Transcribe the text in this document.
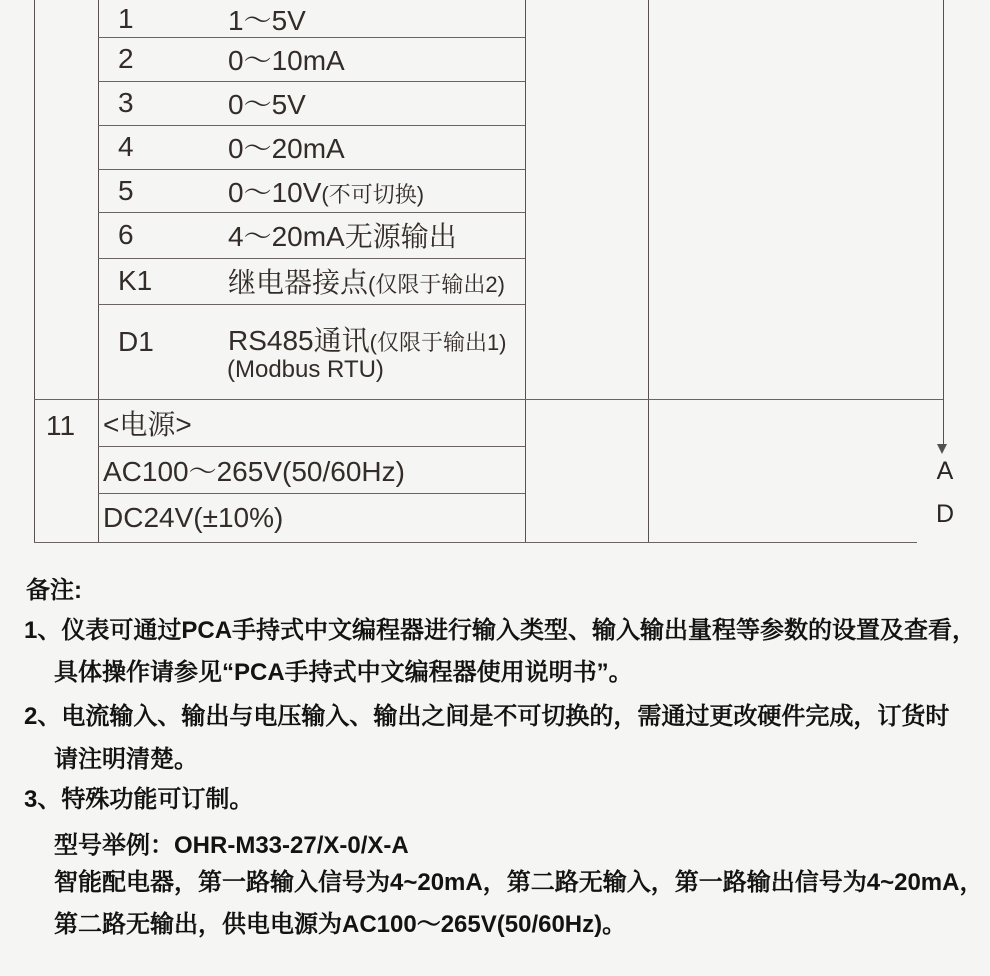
A
D
1	1～5V
2	0～10mA
3	0～5V
4	0～20mA
5	0～10V(不可切换)
6	4～20mA无源输出
K1	继电器接点(仅限于输出2)
D1	RS485通讯(仅限于输出1)
(Modbus RTU)
11 <电源>
AC100～265V(50/60Hz)
DC24V(±10%)
备注:
1、仪表可通过PCA手持式中文编程器进行输入类型、输入输出量程等参数的设置及查看，
具体操作请参见“PCA手持式中文编程器使用说明书”。
2、电流输入、输出与电压输入、输出之间是不可切换的，需通过更改硬件完成，订货时
请注明清楚。
3、特殊功能可订制。
型号举例：OHR-M33-27/X-0/X-A
智能配电器，第一路输入信号为4~20mA，第二路无输入，第一路输出信号为4~20mA，
第二路无输出，供电电源为AC100～265V(50/60Hz)。
